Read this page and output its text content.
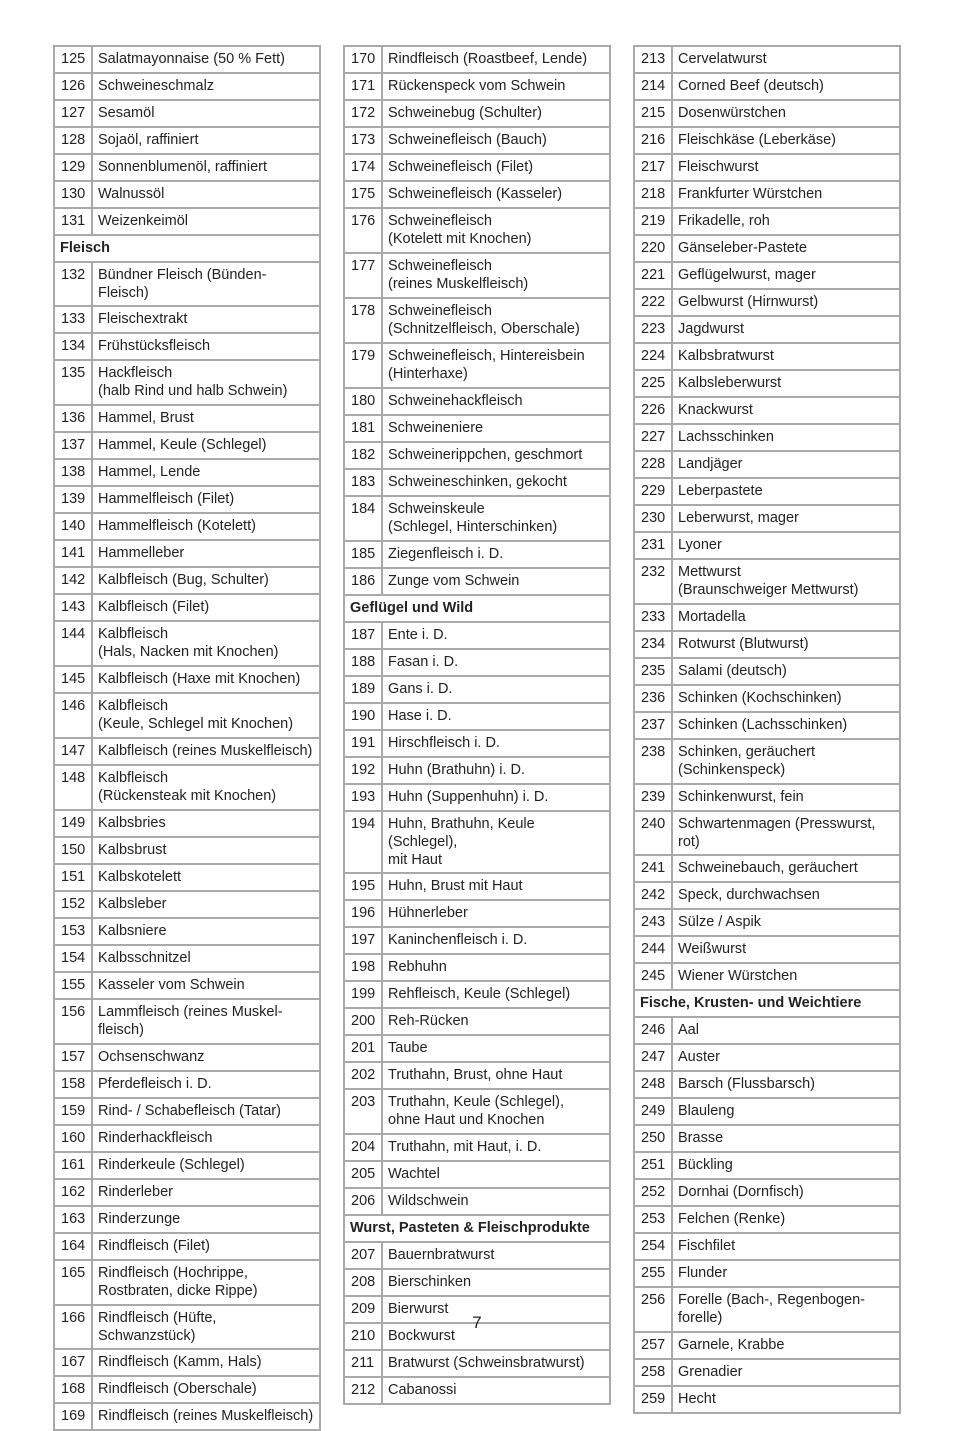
125	Salatmayonnaise (50 % Fett)
126	Schweineschmalz
127	Sesamöl
128	Sojaöl, raffiniert
129	Sonnenblumenöl, raffiniert
130	Walnussöl
131	Weizenkeimöl
Fleisch	
132	Bündner Fleisch (Bünden-Fleisch)
133	Fleischextrakt
134	Frühstücksfleisch
135	Hackfleisch
(halb Rind und halb Schwein)
136	Hammel, Brust
137	Hammel, Keule (Schlegel)
138	Hammel, Lende
139	Hammelfleisch (Filet)
140	Hammelfleisch (Kotelett)
141	Hammelleber
142	Kalbfleisch (Bug, Schulter)
143	Kalbfleisch (Filet)
144	Kalbfleisch
(Hals, Nacken mit Knochen)
145	Kalbfleisch (Haxe mit Knochen)
146	Kalbfleisch
(Keule, Schlegel mit Knochen)
147	Kalbfleisch (reines Muskelfleisch)
148	Kalbfleisch
(Rückensteak mit Knochen)
149	Kalbsbries
150	Kalbsbrust
151	Kalbskotelett
152	Kalbsleber
153	Kalbsniere
154	Kalbsschnitzel
155	Kasseler vom Schwein
156	Lammfleisch (reines Muskel-
fleisch)
157	Ochsenschwanz
158	Pferdefleisch i. D.
159	Rind- / Schabefleisch (Tatar)
160	Rinderhackfleisch
161	Rinderkeule (Schlegel)
162	Rinderleber
163	Rinderzunge
164	Rindfleisch (Filet)
165	Rindfleisch (Hochrippe,
Rostbraten, dicke Rippe)
166	Rindfleisch (Hüfte, Schwanzstück)
167	Rindfleisch (Kamm, Hals)
168	Rindfleisch (Oberschale)
169	Rindfleisch (reines Muskelfleisch)
170	Rindfleisch (Roastbeef, Lende)
171	Rückenspeck vom Schwein
172	Schweinebug (Schulter)
173	Schweinefleisch (Bauch)
174	Schweinefleisch (Filet)
175	Schweinefleisch (Kasseler)
176	Schweinefleisch
(Kotelett mit Knochen)
177	Schweinefleisch
(reines Muskelfleisch)
178	Schweinefleisch
(Schnitzelfleisch, Oberschale)
179	Schweinefleisch, Hintereisbein
(Hinterhaxe)
180	Schweinehackfleisch
181	Schweineniere
182	Schweinerippchen, geschmort
183	Schweineschinken, gekocht
184	Schweinskeule
(Schlegel, Hinterschinken)
185	Ziegenfleisch i. D.
186	Zunge vom Schwein
Geflügel und Wild	
187	Ente i. D.
188	Fasan i. D.
189	Gans i. D.
190	Hase i. D.
191	Hirschfleisch i. D.
192	Huhn (Brathuhn) i. D.
193	Huhn (Suppenhuhn) i. D.
194	Huhn, Brathuhn, Keule (Schlegel),
mit Haut
195	Huhn, Brust mit Haut
196	Hühnerleber
197	Kaninchenfleisch i. D.
198	Rebhuhn
199	Rehfleisch, Keule (Schlegel)
200	Reh-Rücken
201	Taube
202	Truthahn, Brust, ohne Haut
203	Truthahn, Keule (Schlegel),
ohne Haut und Knochen
204	Truthahn, mit Haut, i. D.
205	Wachtel
206	Wildschwein
Wurst, Pasteten & Fleischprodukte	
207	Bauernbratwurst
208	Bierschinken
209	Bierwurst
210	Bockwurst
211	Bratwurst (Schweinsbratwurst)
212	Cabanossi
213	Cervelatwurst
214	Corned Beef (deutsch)
215	Dosenwürstchen
216	Fleischkäse (Leberkäse)
217	Fleischwurst
218	Frankfurter Würstchen
219	Frikadelle, roh
220	Gänseleber-Pastete
221	Geflügelwurst, mager
222	Gelbwurst (Hirnwurst)
223	Jagdwurst
224	Kalbsbratwurst
225	Kalbsleberwurst
226	Knackwurst
227	Lachsschinken
228	Landjäger
229	Leberpastete
230	Leberwurst, mager
231	Lyoner
232	Mettwurst
(Braunschweiger Mettwurst)
233	Mortadella
234	Rotwurst (Blutwurst)
235	Salami (deutsch)
236	Schinken (Kochschinken)
237	Schinken (Lachsschinken)
238	Schinken, geräuchert
(Schinkenspeck)
239	Schinkenwurst, fein
240	Schwartenmagen (Presswurst, rot)
241	Schweinebauch, geräuchert
242	Speck, durchwachsen
243	Sülze / Aspik
244	Weißwurst
245	Wiener Würstchen
Fische, Krusten- und Weichtiere	
246	Aal
247	Auster
248	Barsch (Flussbarsch)
249	Blauleng
250	Brasse
251	Bückling
252	Dornhai (Dornfisch)
253	Felchen (Renke)
254	Fischfilet
255	Flunder
256	Forelle (Bach-, Regenbogen-
forelle)
257	Garnele, Krabbe
258	Grenadier
259	Hecht
7
